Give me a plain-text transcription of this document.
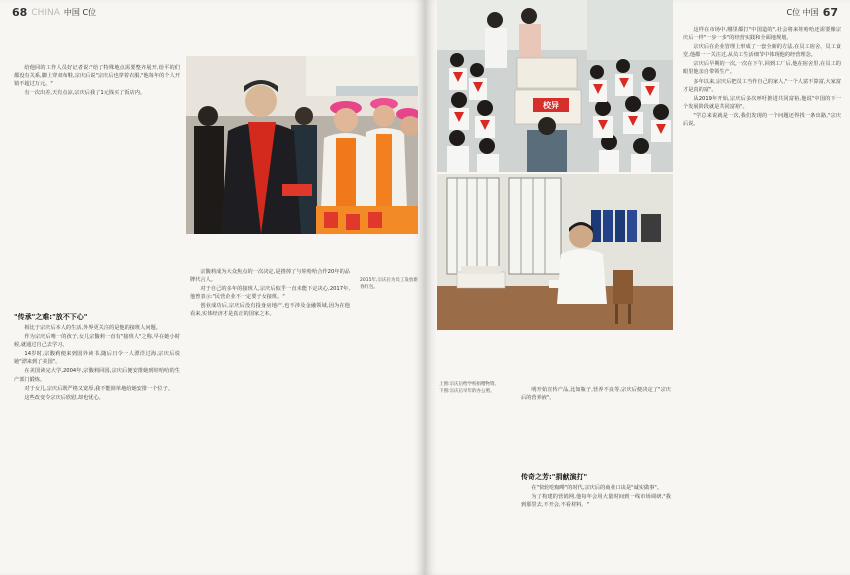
68 CHINA 中国 C位

给他回的工作人员好记者说:"给了特殊地点需要整齐展开,给平的们都没有关系,脚上穿双布鞋,宗庆后说"宗庆后也穿着衣服,"他每年的个人开销不超过万元。"

有一次出差,天有点凉,宗庆后我了1元钱买了饭店内。

"传承"之难:"放不下心"

相比于宗庆后本人的生活,外界更关注的是他的接班人问题。

作为宗庆后唯一的孩子,女儿宗馥莉一直有"接班人"之称,早在她小时候,就通过自己去学习。

14岁时,宗馥莉便来到国外读书,随后日令一人漂洋过海,宗庆后说她"漂来到了美国"。

在美国读完大学,2004年,宗馥莉回国,宗庆后便安排她到娃哈哈的生产部门锻炼。

对于女儿,宗庆后既严格又宽厚,我不能简单地给她安排一个位子。

这些改变令宗庆后欣慰,却也忧心。

宗馥莉成为大众焦点的一次决定,是推掉了与娃哈哈合作20年的品牌代言人。

对于自己的多年的接班人,宗庆后似乎一直未能下定决心,2017年,他曾表示:"民营企业不一定要子女接班。"

创业成功后,宗庆后没有投身房地产,也不涉及金融领域,因为在他看来,实体经济才是真正的国家之本。

2015年,宗庆后为员工发放新春红包。
C位 中国 67
校异
上图:宗庆后给学校捐赠物资。
下图:宗庆后早年的办公照。	明开始宣传产品,比如瓶子,营养不良等,宗庆后便决定了"宗庆后的营养液"。

传奇之芳:"捐献演打"

在"快轮吃咖啡"的时代,宗庆后的商业口诀是"诚实做事"。

为了构建的营销网,他每年会用大量时间到一线市场调研,"我到那里去,不开会,不看材料。"

这样在市场中,哪里都打"中国造的",社会将来娃哈哈还需要像宗庆后一样"一步一步"的经营实践和全面地规划。

宗庆后在企业管理上形成了一套全新的方法,在员工宿舍、员工食堂,他都一一关注过,从员工生活细节中体现他的经营理念。

宗庆后早期的一次,一次在下午,回到工厂后,他在宿舍里,在员工的眼里他亲自带领生产。

多年以来,宗庆后把员工当作自己的家人,"一个人富不算富,大家富才是真的富"。

从2019年开始,宗庆后多次呼吁推进共同富裕,他说"中国的下一个发展阶段就是共同富裕"。

"学总来说就是一次,我们发现的一个问题还得找一条出路,"宗庆后说。
